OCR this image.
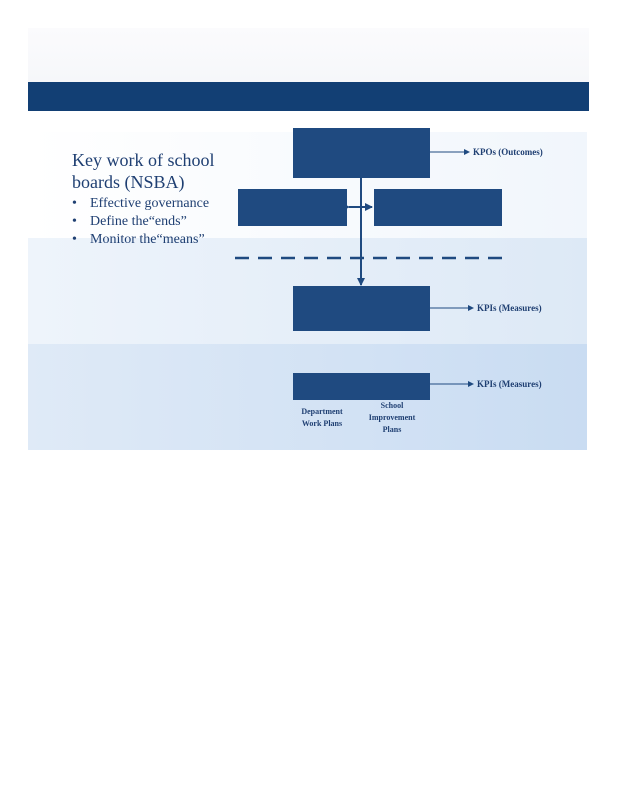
Key work of school boards (NSBA)

• Effective governance
• Define the“ends”
• Monitor the“means”
KPOs (Outcomes)
KPIs (Measures)
KPIs (Measures)
Department Work Plans
School Improvement Plans
